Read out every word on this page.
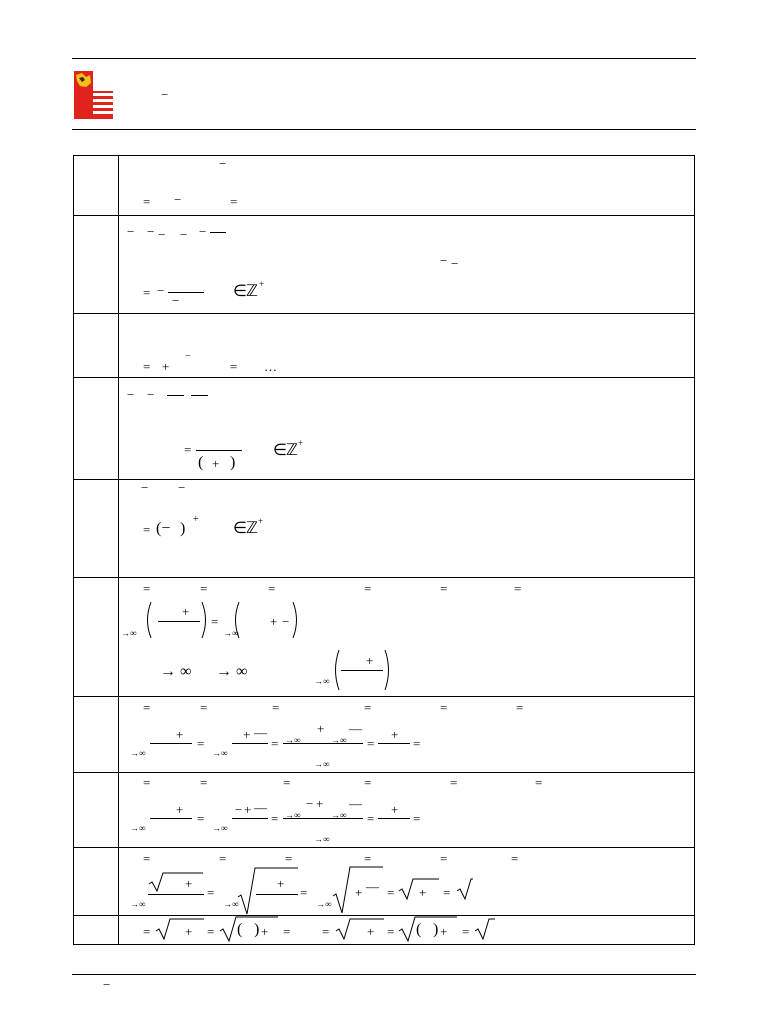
−
−
= −	=
− − − − −
− −
= −
−
∈ ℤ +
= +
−
= …
− −
=
( + )
∈ ℤ +
− −
= (− )
+
∈ ℤ +
=	=	=	=	=	=
+
=	+ −
→∞	→∞
→ ∞ → ∞
+
→∞
=	=	=	=	=	=
+
=
+ —
=
+ —
=
+
=
→∞	→∞
→∞	→∞
→∞
=	=	=	=	=	=
+
=
− + —
=
− + —
=
+
=
→∞	→∞
→∞	→∞
→∞
=	=	=	=	=	=
+
=
+
=	+ — = + =
→∞	→∞	→∞
=	+ = ( ) + = =	+ = ( ) + =
−
